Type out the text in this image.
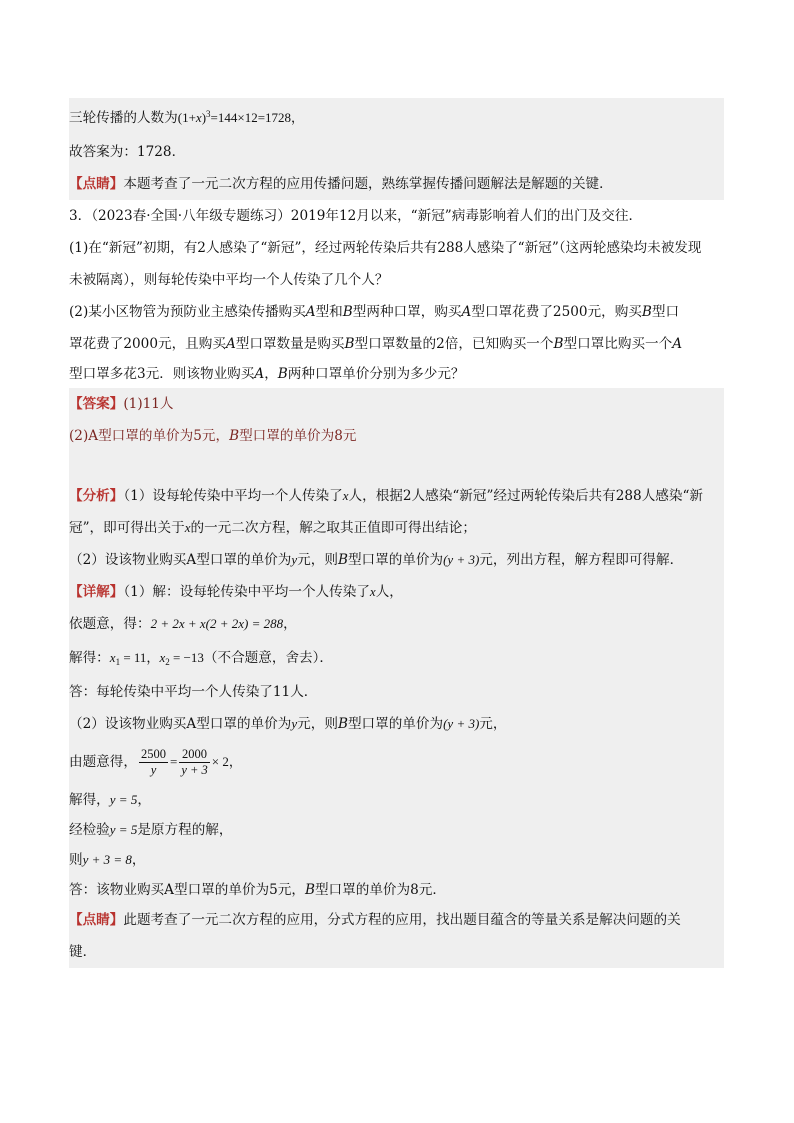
三轮传播的人数为$(1+x)^3=144\times 12=1728$，
故答案为：1728．
【点睛】本题考查了一元二次方程的应用传播问题，熟练掌握传播问题解法是解题的关键．
3．（2023春·全国·八年级专题练习）2019年12月以来，“新冠”病毒影响着人们的出门及交往．
(1)在“新冠”初期，有2人感染了“新冠”，经过两轮传染后共有288人感染了“新冠”（这两轮感染均未被发现
未被隔离），则每轮传染中平均一个人传染了几个人？
(2)某小区物管为预防业主感染传播购买A型和B型两种口罩，购买A型口罩花费了2500元，购买B型口
罩花费了2000元，且购买A型口罩数量是购买B型口罩数量的2倍，已知购买一个B型口罩比购买一个A
型口罩多花3元．则该物业购买A，B两种口罩单价分别为多少元？
【答案】(1)11人
(2)A型口罩的单价为5元，B型口罩的单价为8元
【分析】（1）设每轮传染中平均一个人传染了x人，根据2人感染“新冠”经过两轮传染后共有288人感染“新
冠”，即可得出关于x的一元二次方程，解之取其正值即可得出结论；
（2）设该物业购买A型口罩的单价为y元，则B型口罩的单价为(y + 3)元，列出方程，解方程即可得解．
【详解】（1）解：设每轮传染中平均一个人传染了x人，
依题意，得：2 + 2x + x(2 + 2x) = 288，
解得：$x_1 = 11$，$x_2 = -13$（不合题意，舍去）．
答：每轮传染中平均一个人传染了11人．
（2）设该物业购买A型口罩的单价为y元，则B型口罩的单价为(y + 3)元，
由题意得， $\frac{2500}{y} = \frac{2000}{y + 3} \times 2$，
解得，y = 5，
经检验y = 5是原方程的解，
则y + 3 = 8，
答：该物业购买A型口罩的单价为5元，B型口罩的单价为8元．
【点睛】此题考查了一元二次方程的应用，分式方程的应用，找出题目蕴含的等量关系是解决问题的关
键．
